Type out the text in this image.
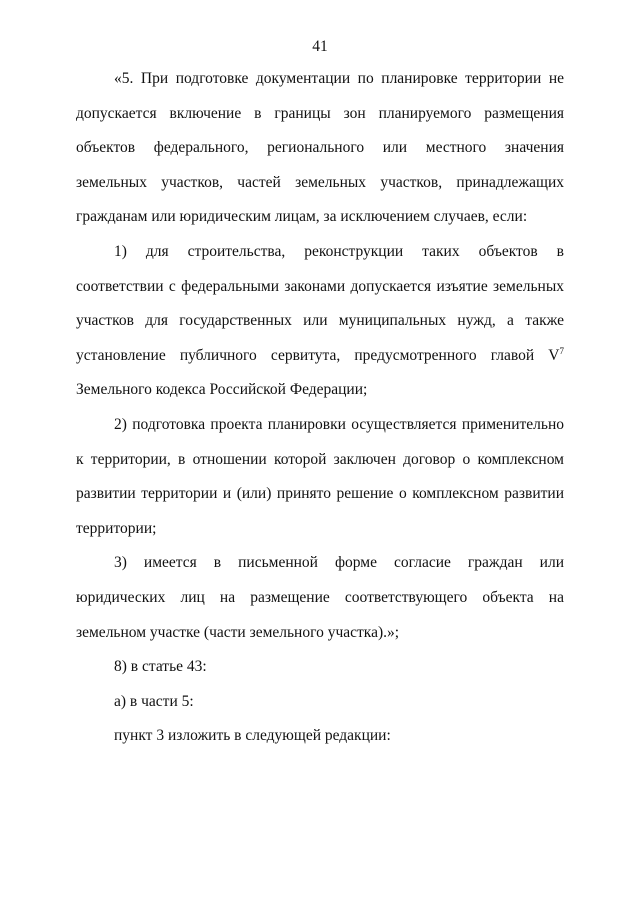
41

«5. При подготовке документации по планировке территории не допускается включение в границы зон планируемого размещения объектов федерального, регионального или местного значения земельных участков, частей земельных участков, принадлежащих гражданам или юридическим лицам, за исключением случаев, если:

1) для строительства, реконструкции таких объектов в соответствии с федеральными законами допускается изъятие земельных участков для государственных или муниципальных нужд, а также установление публичного сервитута, предусмотренного главой $V^7$ Земельного кодекса Российской Федерации;

2) подготовка проекта планировки осуществляется применительно к территории, в отношении которой заключен договор о комплексном развитии территории и (или) принято решение о комплексном развитии территории;

3) имеется в письменной форме согласие граждан или юридических лиц на размещение соответствующего объекта на земельном участке (части земельного участка).»;

8) в статье 43:

а) в части 5:

пункт 3 изложить в следующей редакции:
